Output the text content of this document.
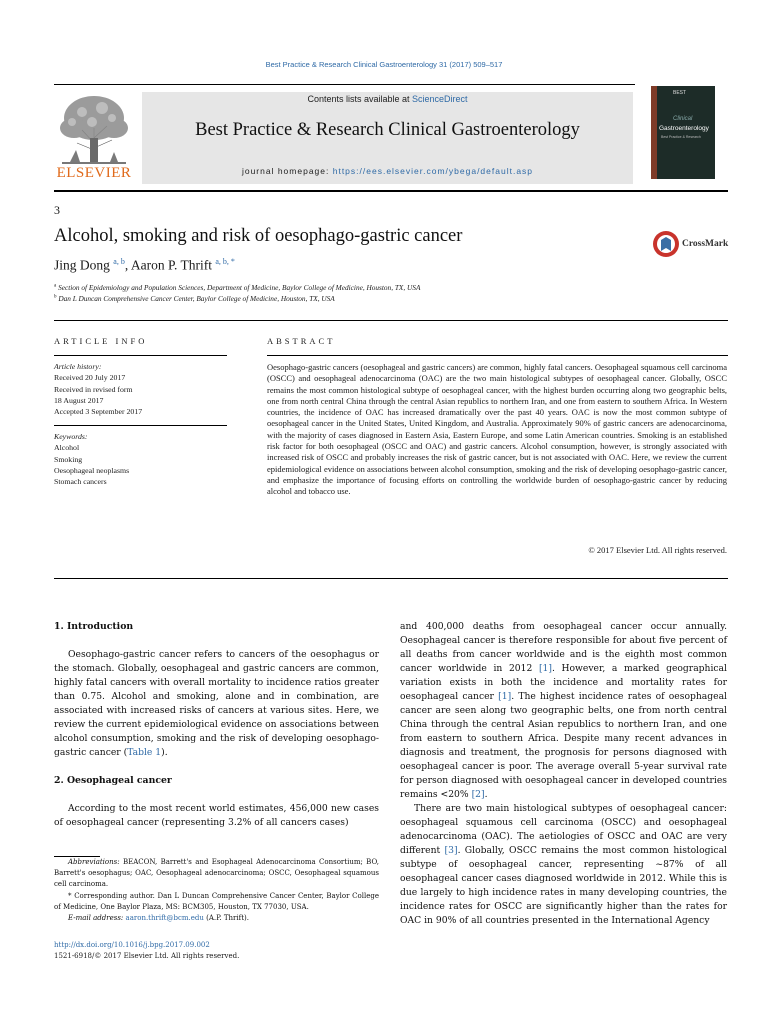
Best Practice & Research Clinical Gastroenterology 31 (2017) 509–517
ELSEVIER
Contents lists available at ScienceDirect
Best Practice & Research Clinical Gastroenterology
journal homepage: https://ees.elsevier.com/ybega/default.asp
BEST
Clinical
Gastroenterology
Best Practice & Research
3
Alcohol, smoking and risk of oesophago-gastric cancer	CrossMark
Jing Dong $^{a, b}$, Aaron P. Thrift $^{a, b, *}$
$^a$ Section of Epidemiology and Population Sciences, Department of Medicine, Baylor College of Medicine, Houston, TX, USA
$^b$ Dan L Duncan Comprehensive Cancer Center, Baylor College of Medicine, Houston, TX, USA
ARTICLE INFO	ABSTRACT
Article history:
Received 20 July 2017
Received in revised form
18 August 2017
Accepted 3 September 2017
Keywords:
Alcohol
Smoking
Oesophageal neoplasms
Stomach cancers
Oesophago-gastric cancers (oesophageal and gastric cancers) are common, highly fatal cancers. Oesophageal squamous cell carcinoma (OSCC) and oesophageal adenocarcinoma (OAC) are the two main histological subtypes of oesophageal cancer. Globally, OSCC remains the most common histological subtype of oesophageal cancer, with the highest burden occurring along two geographic belts, one from north central China through the central Asian republics to northern Iran, and one from eastern to southern Africa. In Western countries, the incidence of OAC has increased dramatically over the past 40 years. OAC is now the most common subtype of oesophageal cancer in the United States, United Kingdom, and Australia. Approximately 90% of gastric cancers are adenocarcinoma, with the majority of cases diagnosed in Eastern Asia, Eastern Europe, and some Latin American countries. Smoking is an established risk factor for both oesophageal (OSCC and OAC) and gastric cancers. Alcohol consumption, however, is strongly associated with increased risk of OSCC and probably increases the risk of gastric cancer, but is not associated with OAC. Here, we review the current epidemiological evidence on associations between alcohol consumption, smoking and the risk of developing oesophago-gastric cancer, and emphasize the importance of focusing efforts on controlling the worldwide burden of oesophago-gastric cancer by reducing alcohol and tobacco use.
© 2017 Elsevier Ltd. All rights reserved.

1. Introduction

Oesophago-gastric cancer refers to cancers of the oesophagus or the stomach. Globally, oesophageal and gastric cancers are common, highly fatal cancers with overall mortality to incidence ratios greater than 0.75. Alcohol and smoking, alone and in combination, are associated with increased risks of cancers at various sites. Here, we review the current epidemiological evidence on associations between alcohol consumption, smoking and the risk of developing oesophago-gastric cancer (Table 1).

2. Oesophageal cancer

According to the most recent world estimates, 456,000 new cases of oesophageal cancer (representing 3.2% of all cancers cases)

and 400,000 deaths from oesophageal cancer occur annually. Oesophageal cancer is therefore responsible for about five percent of all deaths from cancer worldwide and is the eighth most common cancer worldwide in 2012 [1]. However, a marked geographical variation exists in both the incidence and mortality rates for oesophageal cancer [1]. The highest incidence rates of oesophageal cancer are seen along two geographic belts, one from north central China through the central Asian republics to northern Iran, and one from eastern to southern Africa. Despite many recent advances in diagnosis and treatment, the prognosis for persons diagnosed with oesophageal cancer is poor. The average overall 5-year survival rate for person diagnosed with oesophageal cancer in developed countries remains <20% [2].

There are two main histological subtypes of oesophageal cancer: oesophageal squamous cell carcinoma (OSCC) and oesophageal adenocarcinoma (OAC). The aetiologies of OSCC and OAC are very different [3]. Globally, OSCC remains the most common histological subtype of oesophageal cancer, representing ~87% of all oesophageal cancer cases diagnosed worldwide in 2012. While this is due largely to high incidence rates in many developing countries, the incidence rates for OSCC are significantly higher than the rates for OAC in 90% of all countries presented in the International Agency

Abbreviations: BEACON, Barrett's and Esophageal Adenocarcinoma Consortium; BO, Barrett's oesophagus; OAC, Oesophageal adenocarcinoma; OSCC, Oesophageal squamous cell carcinoma.

* Corresponding author. Dan L Duncan Comprehensive Cancer Center, Baylor College of Medicine, One Baylor Plaza, MS: BCM305, Houston, TX 77030, USA.

E-mail address: aaron.thrift@bcm.edu (A.P. Thrift).

http://dx.doi.org/10.1016/j.bpg.2017.09.002
1521-6918/© 2017 Elsevier Ltd. All rights reserved.
